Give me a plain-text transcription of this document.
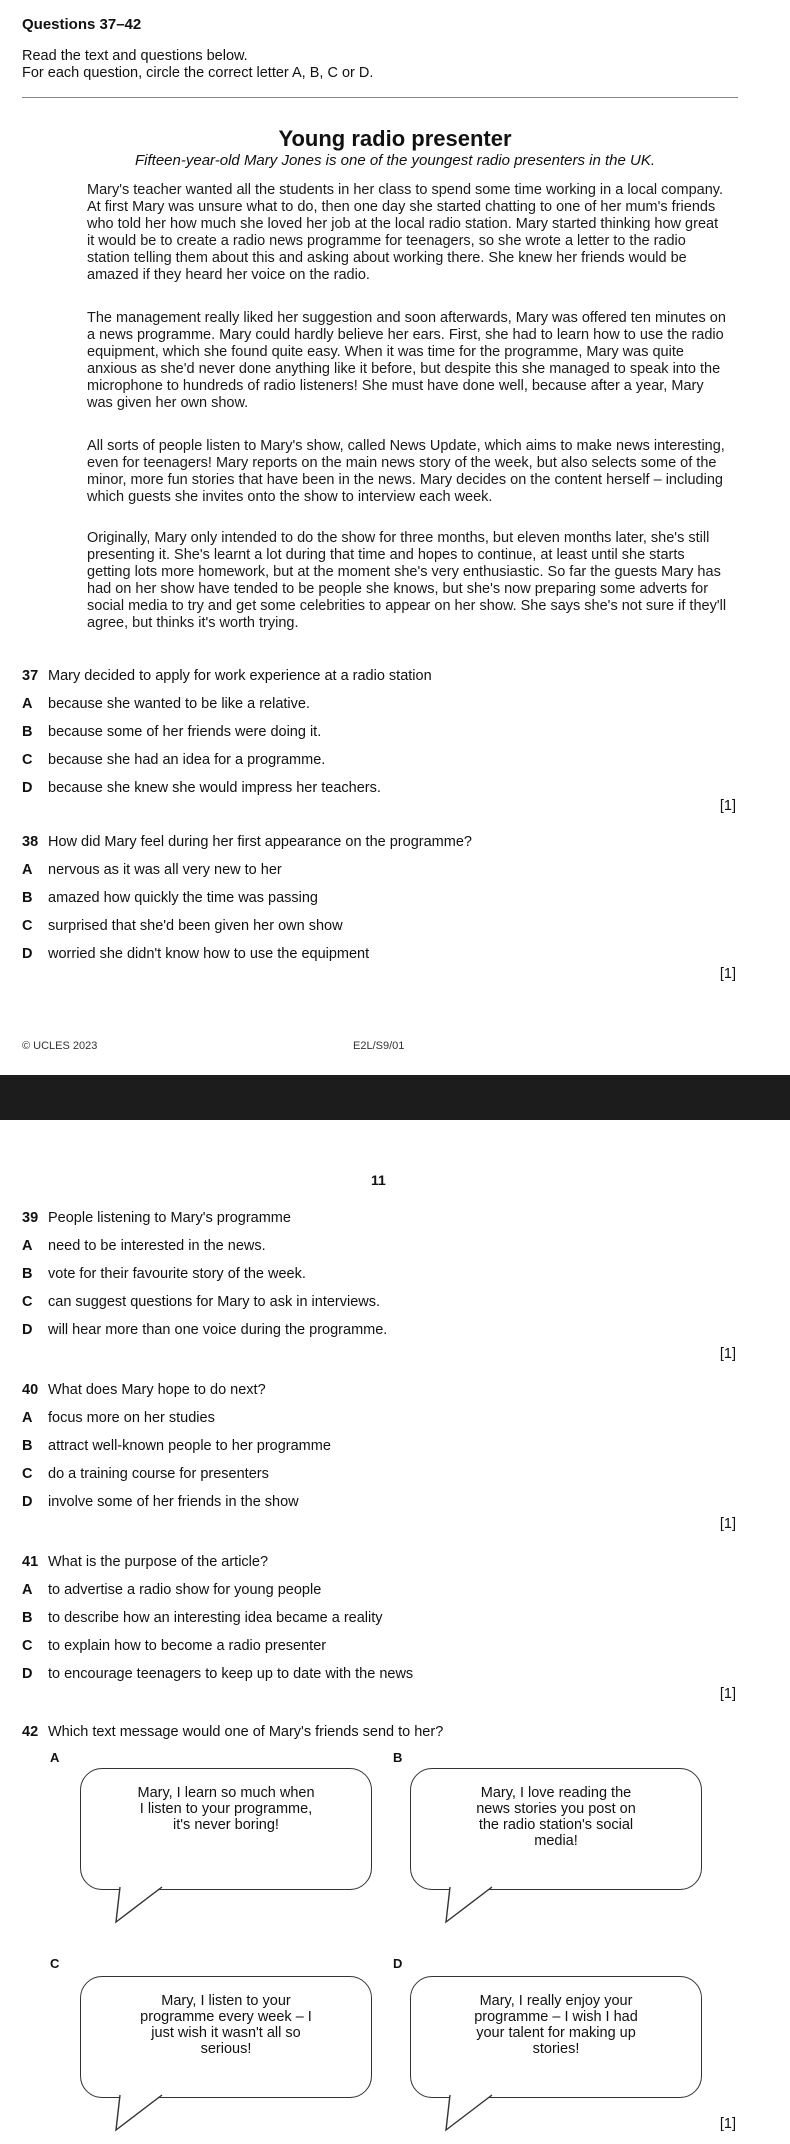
Questions 37–42
Read the text and questions below.
For each question, circle the correct letter A, B, C or D.
Young radio presenter
Fifteen-year-old Mary Jones is one of the youngest radio presenters in the UK.

Mary's teacher wanted all the students in her class to spend some time working in a local company. At first Mary was unsure what to do, then one day she started chatting to one of her mum's friends who told her how much she loved her job at the local radio station. Mary started thinking how great it would be to create a radio news programme for teenagers, so she wrote a letter to the radio station telling them about this and asking about working there. She knew her friends would be amazed if they heard her voice on the radio.

The management really liked her suggestion and soon afterwards, Mary was offered ten minutes on a news programme. Mary could hardly believe her ears. First, she had to learn how to use the radio equipment, which she found quite easy. When it was time for the programme, Mary was quite anxious as she'd never done anything like it before, but despite this she managed to speak into the microphone to hundreds of radio listeners! She must have done well, because after a year, Mary was given her own show.

All sorts of people listen to Mary's show, called News Update, which aims to make news interesting, even for teenagers! Mary reports on the main news story of the week, but also selects some of the minor, more fun stories that have been in the news. Mary decides on the content herself – including which guests she invites onto the show to interview each week.

Originally, Mary only intended to do the show for three months, but eleven months later, she's still presenting it. She's learnt a lot during that time and hopes to continue, at least until she starts getting lots more homework, but at the moment she's very enthusiastic. So far the guests Mary has had on her show have tended to be people she knows, but she's now preparing some adverts for social media to try and get some celebrities to appear on her show. She says she's not sure if they'll agree, but thinks it's worth trying.

37 Mary decided to apply for work experience at a radio station
A because she wanted to be like a relative.
B because some of her friends were doing it.
C because she had an idea for a programme.
D because she knew she would impress her teachers.
[1]
38 How did Mary feel during her first appearance on the programme?
A nervous as it was all very new to her
B amazed how quickly the time was passing
C surprised that she'd been given her own show
D worried she didn't know how to use the equipment
[1]
© UCLES 2023	E2L/S9/01
11
39 People listening to Mary's programme
A need to be interested in the news.
B vote for their favourite story of the week.
C can suggest questions for Mary to ask in interviews.
D will hear more than one voice during the programme.
[1]
40 What does Mary hope to do next?
A focus more on her studies
B attract well-known people to her programme
C do a training course for presenters
D involve some of her friends in the show
[1]
41 What is the purpose of the article?
A to advertise a radio show for young people
B to describe how an interesting idea became a reality
C to explain how to become a radio presenter
D to encourage teenagers to keep up to date with the news
[1]
42 Which text message would one of Mary's friends send to her?
A
Mary, I learn so much when
I listen to your programme,
it's never boring!
B
Mary, I love reading the
news stories you post on
the radio station's social
media!
C
Mary, I listen to your
programme every week – I
just wish it wasn't all so
serious!
D
Mary, I really enjoy your
programme – I wish I had
your talent for making up
stories!
[1]
